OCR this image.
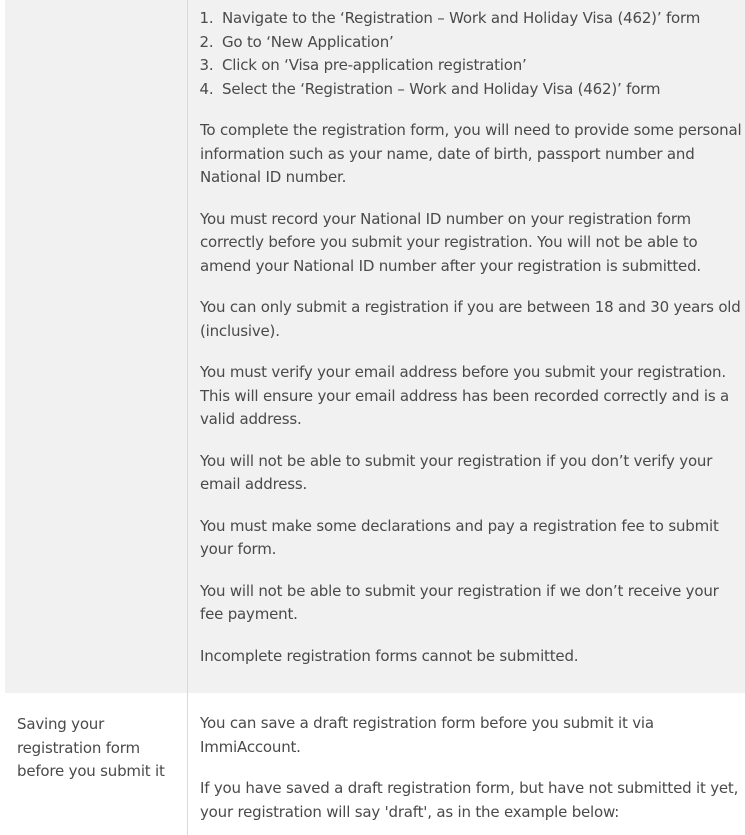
1. Navigate to the ‘Registration – Work and Holiday Visa (462)’ form
2. Go to ‘New Application’
3. Click on ‘Visa pre-application registration’
4. Select the ‘Registration – Work and Holiday Visa (462)’ form

To complete the registration form, you will need to provide some personal information such as your name, date of birth, passport number and National ID number.

You must record your National ID number on your registration form correctly before you submit your registration. You will not be able to amend your National ID number after your registration is submitted.

You can only submit a registration if you are between 18 and 30 years old (inclusive).

You must verify your email address before you submit your registration. This will ensure your email address has been recorded correctly and is a valid address.

You will not be able to submit your registration if you don’t verify your email address.

You must make some declarations and pay a registration fee to submit your form.

You will not be able to submit your registration if we don’t receive your fee payment.

Incomplete registration forms cannot be submitted.

Saving your registration form before you submit it

You can save a draft registration form before you submit it via ImmiAccount.

If you have saved a draft registration form, but have not submitted it yet, your registration will say 'draft', as in the example below:
